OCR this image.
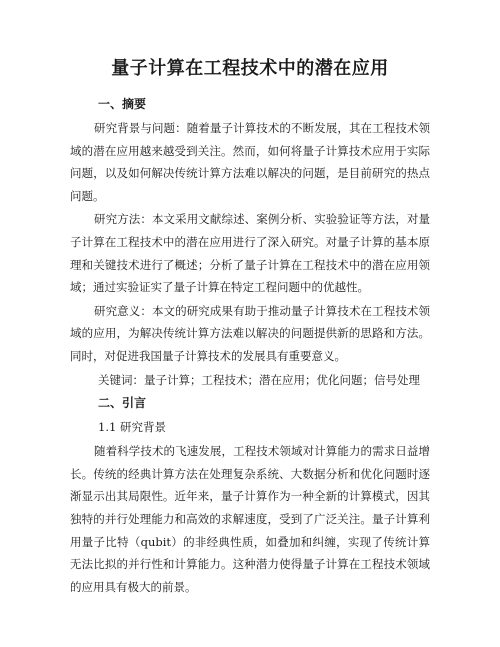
量子计算在工程技术中的潜在应用
一、摘要

研究背景与问题：随着量子计算技术的不断发展，其在工程技术领域的潜在应用越来越受到关注。然而，如何将量子计算技术应用于实际问题，以及如何解决传统计算方法难以解决的问题，是目前研究的热点问题。

研究方法：本文采用文献综述、案例分析、实验验证等方法，对量子计算在工程技术中的潜在应用进行了深入研究。对量子计算的基本原理和关键技术进行了概述；分析了量子计算在工程技术中的潜在应用领域；通过实验证实了量子计算在特定工程问题中的优越性。

研究意义：本文的研究成果有助于推动量子计算技术在工程技术领域的应用，为解决传统计算方法难以解决的问题提供新的思路和方法。同时，对促进我国量子计算技术的发展具有重要意义。

关键词：量子计算；工程技术；潜在应用；优化问题；信号处理

二、引言
1.1 研究背景

随着科学技术的飞速发展，工程技术领域对计算能力的需求日益增长。传统的经典计算方法在处理复杂系统、大数据分析和优化问题时逐渐显示出其局限性。近年来，量子计算作为一种全新的计算模式，因其独特的并行处理能力和高效的求解速度，受到了广泛关注。量子计算利用量子比特（qubit）的非经典性质，如叠加和纠缠，实现了传统计算无法比拟的并行性和计算能力。这种潜力使得量子计算在工程技术领域的应用具有极大的前景。
